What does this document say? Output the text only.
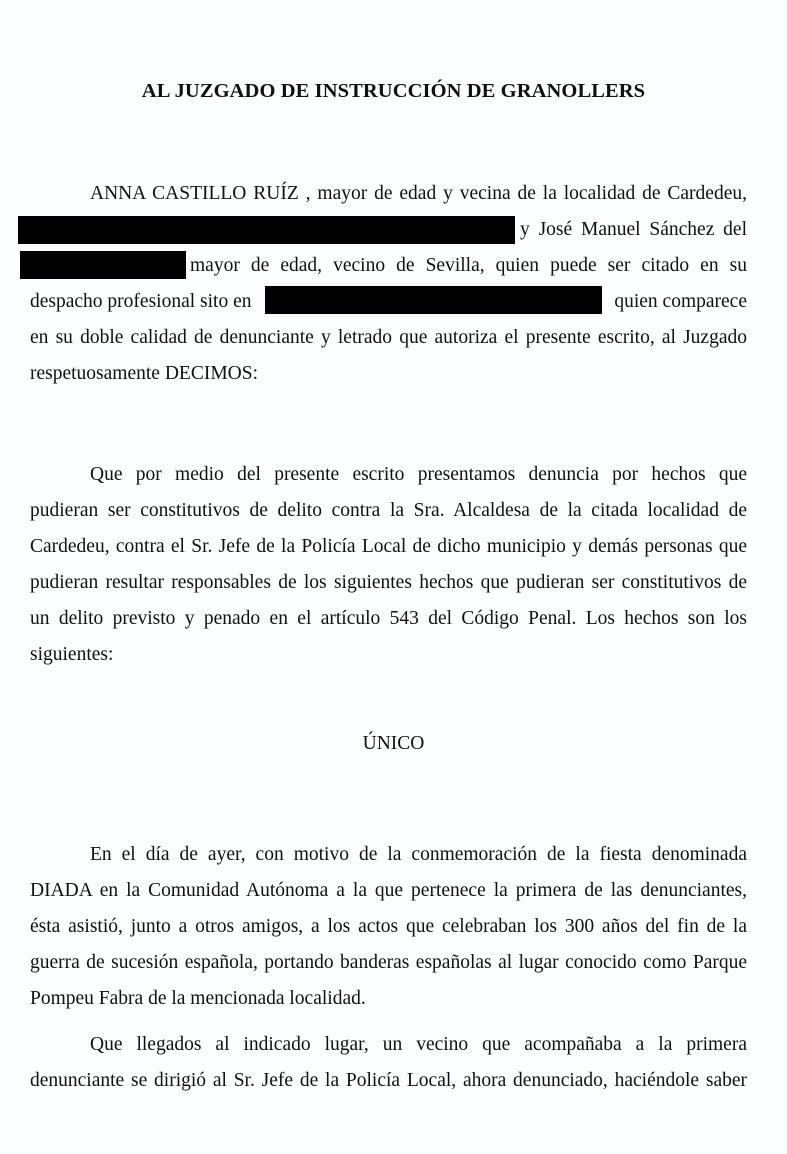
AL JUZGADO DE INSTRUCCIÓN DE GRANOLLERS
ANNA CASTILLO RUÍZ , mayor de edad y vecina de la localidad de Cardedeu,
y José Manuel Sánchez del
mayor de edad, vecino de Sevilla, quien puede ser citado en su
despacho profesional sito en	quien comparece
en su doble calidad de denunciante y letrado que autoriza el presente escrito, al Juzgado
respetuosamente DECIMOS:
Que por medio del presente escrito presentamos denuncia por hechos que
pudieran ser constitutivos de delito contra la Sra. Alcaldesa de la citada localidad de
Cardedeu, contra el Sr. Jefe de la Policía Local de dicho municipio y demás personas que
pudieran resultar responsables de los siguientes hechos que pudieran ser constitutivos de
un delito previsto y penado en el artículo 543 del Código Penal. Los hechos son los
siguientes:
ÚNICO
En el día de ayer, con motivo de la conmemoración de la fiesta denominada
DIADA en la Comunidad Autónoma a la que pertenece la primera de las denunciantes,
ésta asistió, junto a otros amigos, a los actos que celebraban los 300 años del fin de la
guerra de sucesión española, portando banderas españolas al lugar conocido como Parque
Pompeu Fabra de la mencionada localidad.
Que llegados al indicado lugar, un vecino que acompañaba a la primera
denunciante se dirigió al Sr. Jefe de la Policía Local, ahora denunciado, haciéndole saber
